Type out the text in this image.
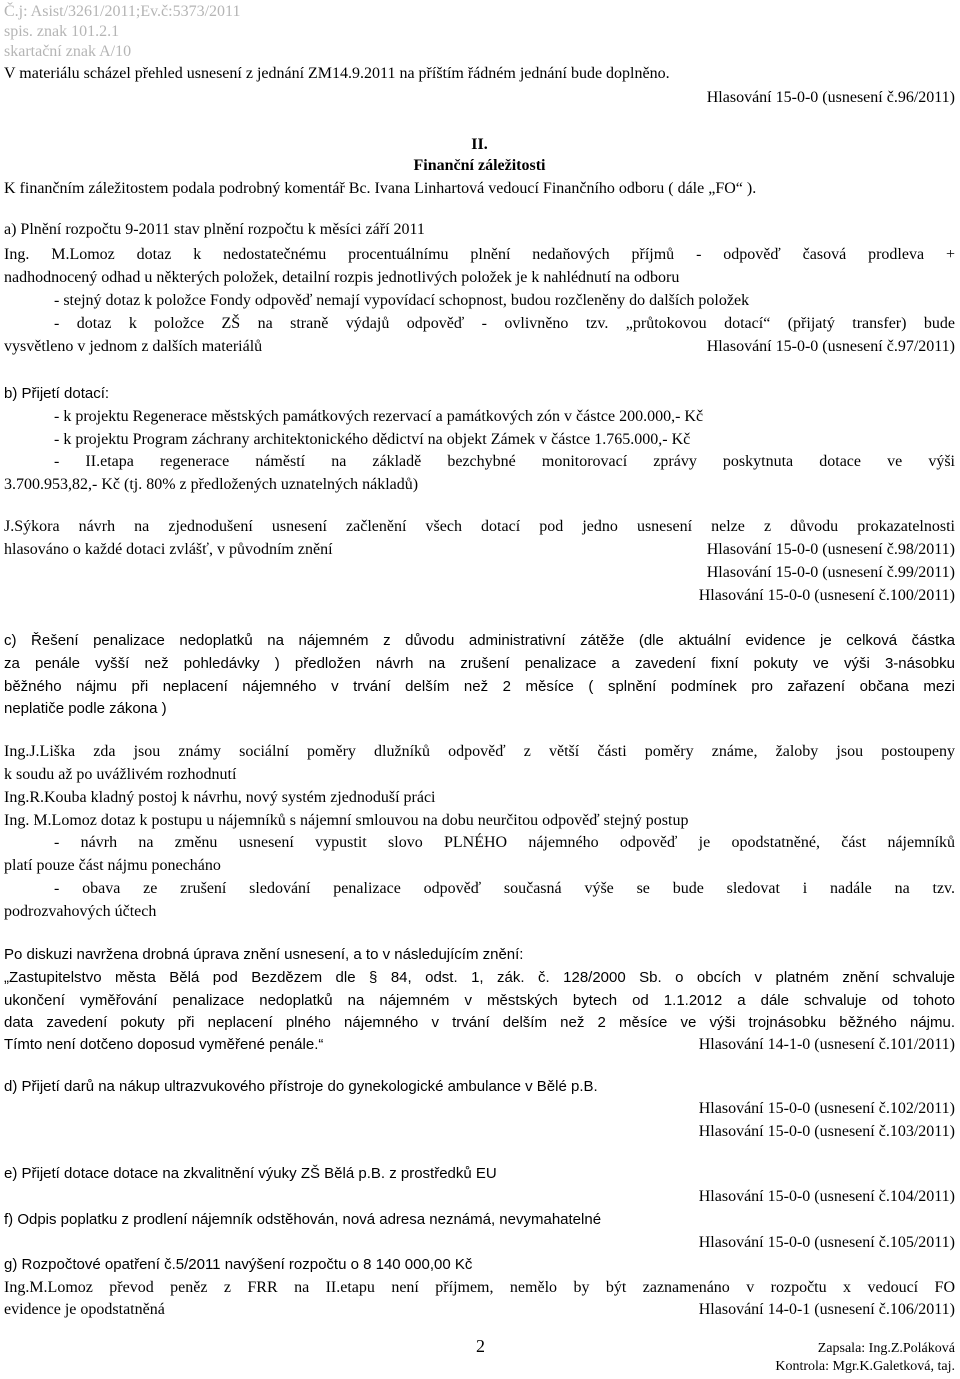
Č.j: Asist/3261/2011;Ev.č:5373/2011
spis. znak 101.2.1
skartační znak A/10
V materiálu scházel přehled usnesení z jednání ZM14.9.2011 na příštím řádném jednání bude doplněno.
Hlasování 15-0-0 (usnesení č.96/2011)
II.
Finanční záležitosti
K finančním záležitostem podala podrobný komentář Bc. Ivana Linhartová vedoucí Finančního odboru ( dále „FO“ ).
a) Plnění rozpočtu 9-2011 stav plnění rozpočtu k měsíci září 2011
Ing. M.Lomoz dotaz k nedostatečnému procentuálnímu plnění nedaňových příjmů - odpověď časová prodleva +
nadhodnocený odhad u některých položek, detailní rozpis jednotlivých položek je k nahlédnutí na odboru
- stejný dotaz k položce Fondy odpověď nemají vypovídací schopnost, budou rozčleněny do dalších položek
- dotaz k položce ZŠ na straně výdajů odpověď - ovlivněno tzv. „průtokovou dotací“ (přijatý transfer) bude
vysvětleno v jednom z dalších materiálů	Hlasování 15-0-0 (usnesení č.97/2011)
b) Přijetí dotací:
- k projektu Regenerace městských památkových rezervací a památkových zón v částce 200.000,- Kč
- k projektu Program záchrany architektonického dědictví na objekt Zámek v částce 1.765.000,- Kč
- II.etapa regenerace náměstí na základě bezchybné monitorovací zprávy poskytnuta dotace ve výši
3.700.953,82,- Kč (tj. 80% z předložených uznatelných nákladů)
J.Sýkora návrh na zjednodušení usnesení začlenění všech dotací pod jedno usnesení nelze z důvodu prokazatelnosti
hlasováno o každé dotaci zvlášť, v původním znění	Hlasování 15-0-0 (usnesení č.98/2011)
Hlasování 15-0-0 (usnesení č.99/2011)
Hlasování 15-0-0 (usnesení č.100/2011)
c) Řešení penalizace nedoplatků na nájemném z důvodu administrativní zátěže (dle aktuální evidence je celková částka
za penále vyšší než pohledávky ) předložen návrh na zrušení penalizace a zavedení fixní pokuty ve výši 3-násobku
běžného nájmu při neplacení nájemného v trvání delším než 2 měsíce ( splnění podmínek pro zařazení občana mezi
neplatiče podle zákona )
Ing.J.Liška zda jsou známy sociální poměry dlužníků odpověď z větší části poměry známe, žaloby jsou postoupeny
k soudu až po uvážlivém rozhodnutí
Ing.R.Kouba kladný postoj k návrhu, nový systém zjednoduší práci
Ing. M.Lomoz dotaz k postupu u nájemníků s nájemní smlouvou na dobu neurčitou odpověď stejný postup
- návrh na změnu usnesení vypustit slovo PLNÉHO nájemného odpověď je opodstatněné, část nájemníků
platí pouze část nájmu ponecháno
- obava ze zrušení sledování penalizace odpověď současná výše se bude sledovat i nadále na tzv.
podrozvahových účtech
Po diskuzi navržena drobná úprava znění usnesení, a to v následujícím znění:
„Zastupitelstvo města Bělá pod Bezdězem dle § 84, odst. 1, zák. č. 128/2000 Sb. o obcích v platném znění schvaluje
ukončení vyměřování penalizace nedoplatků na nájemném v městských bytech od 1.1.2012 a dále schvaluje od tohoto
data zavedení pokuty při neplacení plného nájemného v trvání delším než 2 měsíce ve výši trojnásobku běžného nájmu.
Tímto není dotčeno doposud vyměřené penále.“	Hlasování 14-1-0 (usnesení č.101/2011)
d) Přijetí darů na nákup ultrazvukového přístroje do gynekologické ambulance v Bělé p.B.
Hlasování 15-0-0 (usnesení č.102/2011)
Hlasování 15-0-0 (usnesení č.103/2011)
e) Přijetí dotace dotace na zkvalitnění výuky ZŠ Bělá p.B. z prostředků EU
Hlasování 15-0-0 (usnesení č.104/2011)
f) Odpis poplatku z prodlení nájemník odstěhován, nová adresa neznámá, nevymahatelné
Hlasování 15-0-0 (usnesení č.105/2011)
g) Rozpočtové opatření č.5/2011 navýšení rozpočtu o 8 140 000,00 Kč
Ing.M.Lomoz převod peněz z FRR na II.etapu není příjmem, nemělo by být zaznamenáno v rozpočtu x vedoucí FO
evidence je opodstatněná	Hlasování 14-0-1 (usnesení č.106/2011)
2	Zapsala: Ing.Z.Poláková
Kontrola: Mgr.K.Galetková, taj.
